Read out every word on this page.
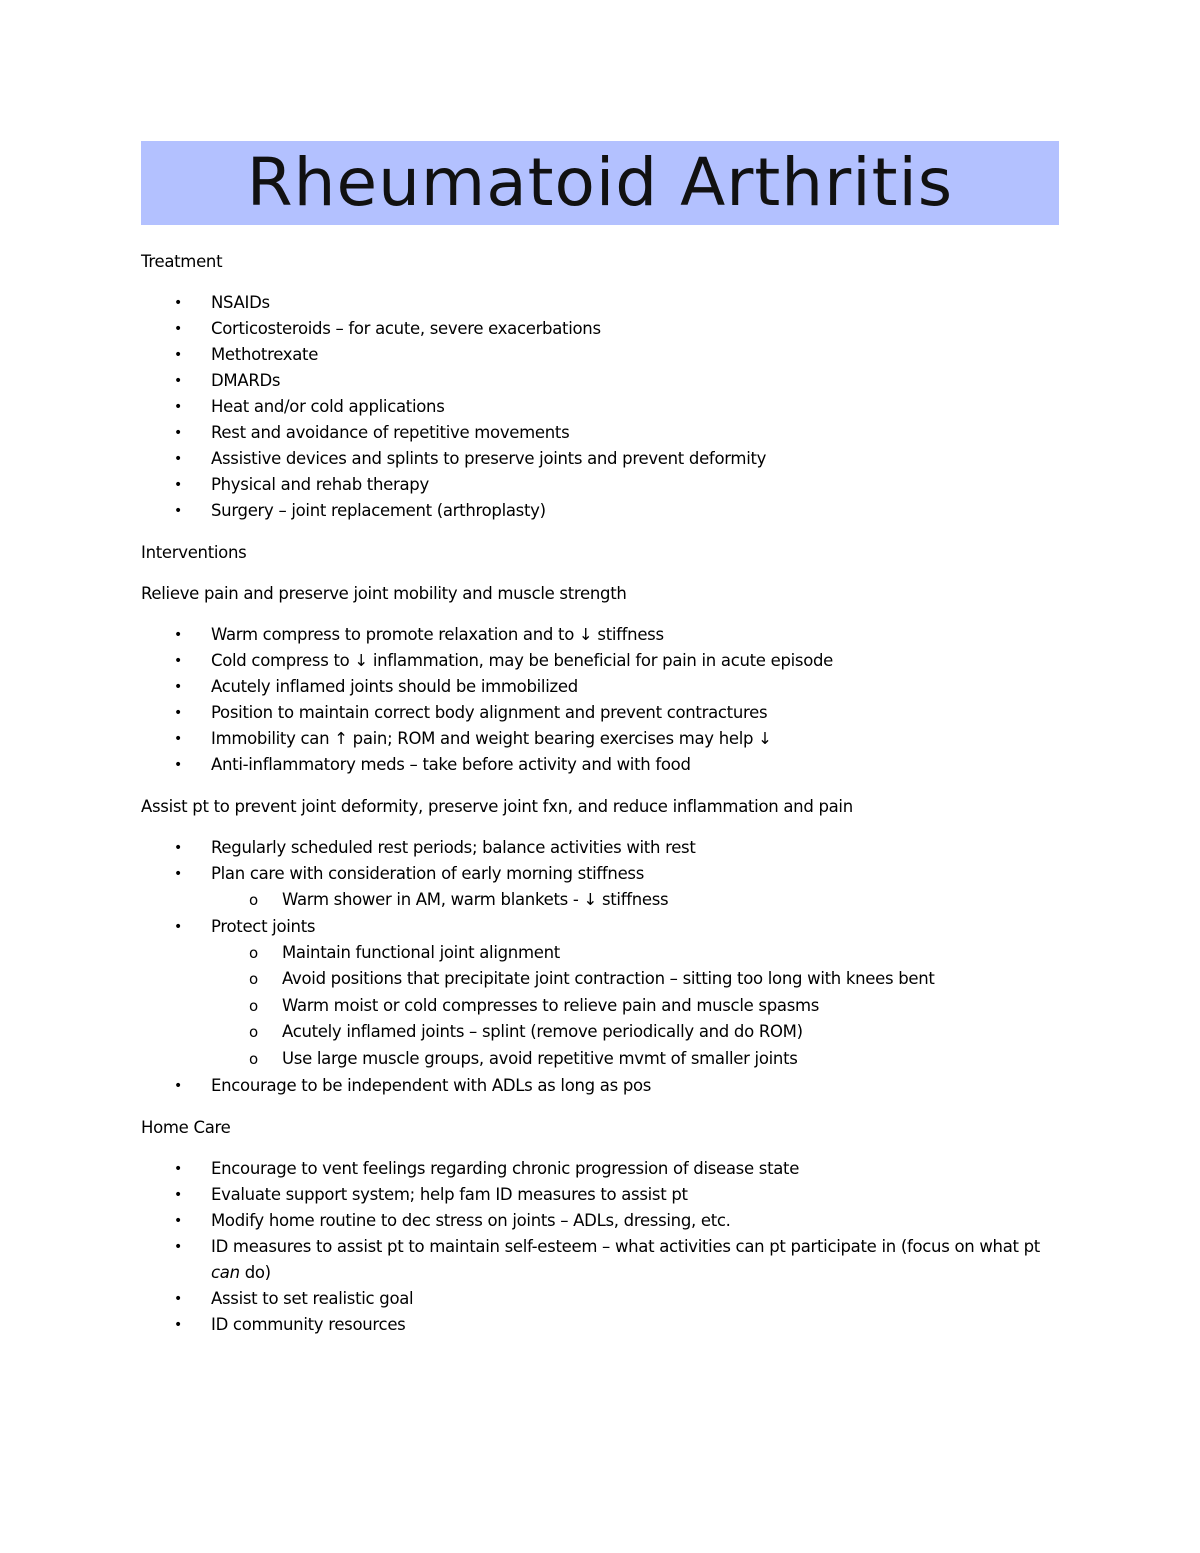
Rheumatoid Arthritis
Treatment
•	NSAIDs
•	Corticosteroids – for acute, severe exacerbations
•	Methotrexate
•	DMARDs
•	Heat and/or cold applications
•	Rest and avoidance of repetitive movements
•	Assistive devices and splints to preserve joints and prevent deformity
•	Physical and rehab therapy
•	Surgery – joint replacement (arthroplasty)
Interventions
Relieve pain and preserve joint mobility and muscle strength
•	Warm compress to promote relaxation and to ↓ stiffness
•	Cold compress to ↓ inflammation, may be beneficial for pain in acute episode
•	Acutely inflamed joints should be immobilized
•	Position to maintain correct body alignment and prevent contractures
•	Immobility can ↑ pain; ROM and weight bearing exercises may help ↓
•	Anti-inflammatory meds – take before activity and with food
Assist pt to prevent joint deformity, preserve joint fxn, and reduce inflammation and pain
•	Regularly scheduled rest periods; balance activities with rest
•	Plan care with consideration of early morning stiffness
o Warm shower in AM, warm blankets - ↓ stiffness
•	Protect joints
o Maintain functional joint alignment
o Avoid positions that precipitate joint contraction – sitting too long with knees bent
o Warm moist or cold compresses to relieve pain and muscle spasms
o Acutely inflamed joints – splint (remove periodically and do ROM)
o Use large muscle groups, avoid repetitive mvmt of smaller joints
•	Encourage to be independent with ADLs as long as pos
Home Care
•	Encourage to vent feelings regarding chronic progression of disease state
•	Evaluate support system; help fam ID measures to assist pt
•	Modify home routine to dec stress on joints – ADLs, dressing, etc.
•	ID measures to assist pt to maintain self-esteem – what activities can pt participate in (focus on what pt can do)
•	Assist to set realistic goal
•	ID community resources
